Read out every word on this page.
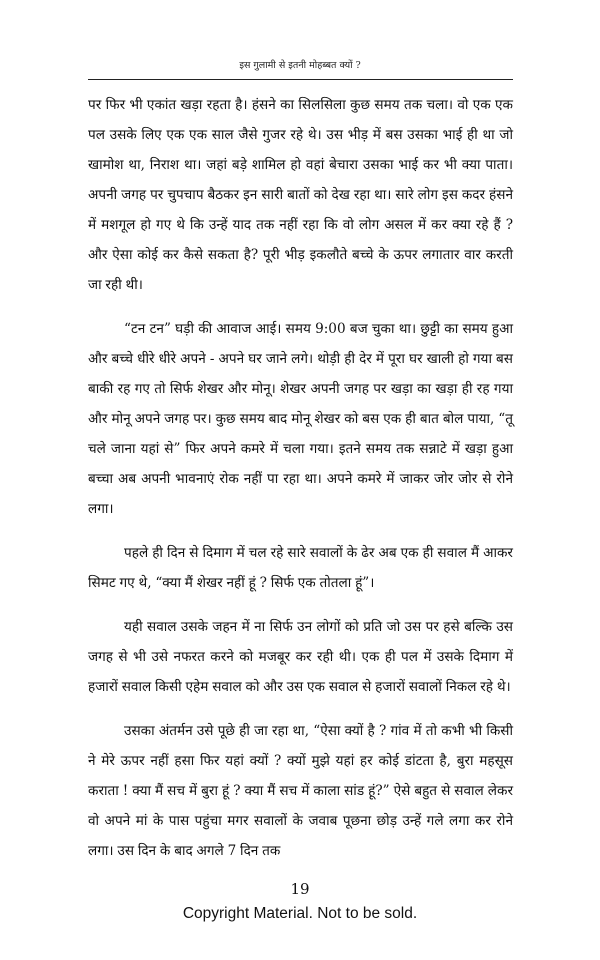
इस गुलामी से इतनी मोहब्बत क्यों ?

पर फिर भी एकांत खड़ा रहता है। हंसने का सिलसिला कुछ समय तक चला। वो एक एक पल उसके लिए एक एक साल जैसे गुजर रहे थे। उस भीड़ में बस उसका भाई ही था जो खामोश था, निराश था। जहां बड़े शामिल हो वहां बेचारा उसका भाई कर भी क्या पाता। अपनी जगह पर चुपचाप बैठकर इन सारी बातों को देख रहा था। सारे लोग इस कदर हंसने में मशगूल हो गए थे कि उन्हें याद तक नहीं रहा कि वो लोग असल में कर क्या रहे हैं ? और ऐसा कोई कर कैसे सकता है? पूरी भीड़ इकलौते बच्चे के ऊपर लगातार वार करती जा रही थी।

“टन टन” घड़ी की आवाज आई। समय 9:00 बज चुका था। छुट्टी का समय हुआ और बच्चे धीरे धीरे अपने - अपने घर जाने लगे। थोड़ी ही देर में पूरा घर खाली हो गया बस बाकी रह गए तो सिर्फ शेखर और मोनू। शेखर अपनी जगह पर खड़ा का खड़ा ही रह गया और मोनू अपने जगह पर। कुछ समय बाद मोनू शेखर को बस एक ही बात बोल पाया, “तू चले जाना यहां से” फिर अपने कमरे में चला गया। इतने समय तक सन्नाटे में खड़ा हुआ बच्चा अब अपनी भावनाएं रोक नहीं पा रहा था। अपने कमरे में जाकर जोर जोर से रोने लगा।

पहले ही दिन से दिमाग में चल रहे सारे सवालों के ढेर अब एक ही सवाल मैं आकर सिमट गए थे, “क्या मैं शेखर नहीं हूं ? सिर्फ एक तोतला हूं”।

यही सवाल उसके जहन में ना सिर्फ उन लोगों को प्रति जो उस पर हसे बल्कि उस जगह से भी उसे नफरत करने को मजबूर कर रही थी। एक ही पल में उसके दिमाग में हजारों सवाल किसी एहेम सवाल को और उस एक सवाल से हजारों सवालों निकल रहे थे।

उसका अंतर्मन उसे पूछे ही जा रहा था, “ऐसा क्यों है ? गांव में तो कभी भी किसी ने मेरे ऊपर नहीं हसा फिर यहां क्यों ? क्यों मुझे यहां हर कोई डांटता है, बुरा महसूस कराता ! क्या मैं सच में बुरा हूं ? क्या मैं सच में काला सांड हूं?” ऐसे बहुत से सवाल लेकर वो अपने मां के पास पहुंचा मगर सवालों के जवाब पूछना छोड़ उन्हें गले लगा कर रोने लगा। उस दिन के बाद अगले 7 दिन तक

19
Copyright Material. Not to be sold.
